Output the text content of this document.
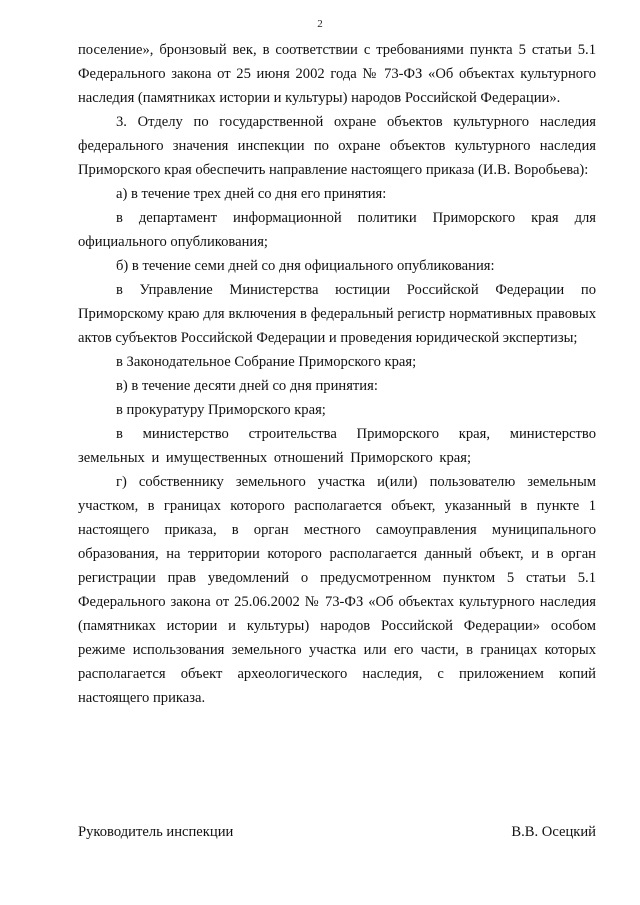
2

поселение», бронзовый век, в соответствии с требованиями пункта 5 статьи 5.1 Федерального закона от 25 июня 2002 года № 73-ФЗ «Об объектах культурного наследия (памятниках истории и культуры) народов Российской Федерации».

3. Отделу по государственной охране объектов культурного наследия федерального значения инспекции по охране объектов культурного наследия Приморского края обеспечить направление настоящего приказа (И.В. Воробьева):

а) в течение трех дней со дня его принятия:

в департамент информационной политики Приморского края для официального опубликования;

б) в течение семи дней со дня официального опубликования:

в Управление Министерства юстиции Российской Федерации по Приморскому краю для включения в федеральный регистр нормативных правовых актов субъектов Российской Федерации и проведения юридической экспертизы;

в Законодательное Собрание Приморского края;

в) в течение десяти дней со дня принятия:

в прокуратуру Приморского края;

в министерство строительства Приморского края, министерство земельных и имущественных отношений Приморского края;

г) собственнику земельного участка и(или) пользователю земельным участком, в границах которого располагается объект, указанный в пункте 1 настоящего приказа, в орган местного самоуправления муниципального образования, на территории которого располагается данный объект, и в орган регистрации прав уведомлений о предусмотренном пунктом 5 статьи 5.1 Федерального закона от 25.06.2002 № 73-ФЗ «Об объектах культурного наследия (памятниках истории и культуры) народов Российской Федерации» особом режиме использования земельного участка или его части, в границах которых располагается объект археологического наследия, с приложением копий настоящего приказа.

Руководитель инспекции	В.В. Осецкий
